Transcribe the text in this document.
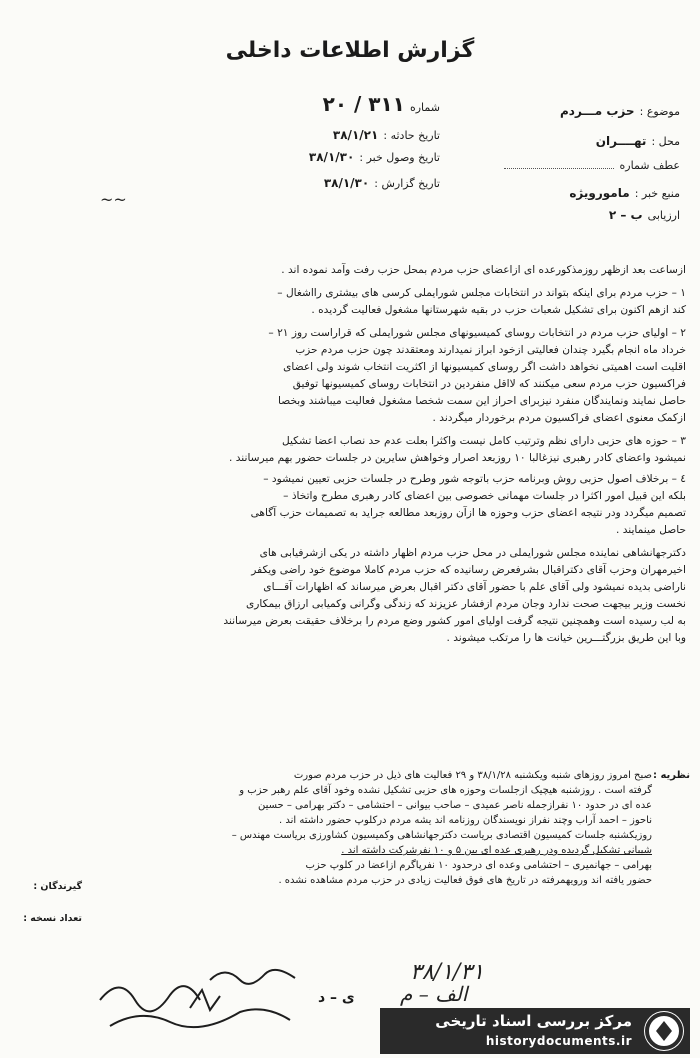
گزارش اطلاعات داخلی
موضوع : حزب مـــردم
محل : تهــــران
عطف شماره
منبع خبر : مامورویژه
ارزیابی ب – ۲
شماره ۳۱۱ / ۲۰
تاریخ حادثه : ۳۸/۱/۲۱
تاریخ وصول خبر : ۳۸/۱/۳۰
تاریخ گزارش : ۳۸/۱/۳۰
~~

ازساعت بعد ازظهر روزمذکورعده ای ازاعضای حزب مردم بمحل حزب رفت وآمد نموده اند .

۱ – حزب مردم برای اینکه بتواند در انتخابات مجلس شورایملی کرسی های بیشتری رااشغال –

کند ازهم اکنون برای تشکیل شعبات حزب در بقیه شهرستانها مشغول فعالیت گردیده .

۲ – اولیای حزب مردم در انتخابات روسای کمیسیونهای مجلس شورایملی که قراراست روز ۲۱ –

خرداد ماه انجام بگیرد چندان فعالیتی ازخود ابراز نمیدارند ومعتقدند چون حزب مردم حزب

اقلیت است اهمیتی نخواهد داشت اگر روسای کمیسیونها از اکثریت انتخاب شوند ولی اعضای

فراکسیون حزب مردم سعی میکنند که لااقل منفردین در انتخابات روسای کمیسیونها توفیق

حاصل نمایند ونمایندگان منفرد نیزبرای احراز این سمت شخصا مشغول فعالیت میباشند وبخصا

ازکمک معنوی اعضای فراکسیون مردم برخوردار میگردند .

۳ – حوزه های حزبی دارای نظم وترتیب کامل نیست واکثرا بعلت عدم حد نصاب اعضا تشکیل

نمیشود واعضای کادر رهبری نیزغالبا ۱۰ روزبعد اصرار وخواهش سایرین در جلسات حضور بهم میرسانند .

٤ – برخلاف اصول حزبی روش وبرنامه حزب باتوجه شور وطرح در جلسات حزبی تعیین نمیشود –

بلکه این قبیل امور اکثرا در جلسات مهمانی خصوصی بین اعضای کادر رهبری مطرح واتخاذ –

تصمیم میگردد ودر نتیجه اعضای حزب وحوزه ها ازآن روزبعد مطالعه جراید به تصمیمات حزب آگاهی

حاصل مینمایند .

دکترجهانشاهی نماینده مجلس شورایملی در محل حزب مردم اظهار داشته در یکی ازشرفیابی های

اخیرمهران وحزب آقای دکتراقبال بشرفعرض رسانیده که حزب مردم کاملا موضوع خود راضی ویکفر

ناراضی بدیده نمیشود ولی آقای علم با حضور آقای دکتر اقبال بعرض میرساند که اظهارات آقـــای

نخست وزیر بیجهت صحت ندارد وجان مردم ازفشار عزیزند که زندگی وگرانی وکمیابی ارزاق بیمکاری

به لب رسیده است وهمچنین نتیجه گرفت اولیای امور کشور وضع مردم را برخلاف حقیقت بعرض میرسانند

وبا این طریق بزرگتـــرین خیانت ها را مرتکب میشوند .

نظریه :

صبح امروز روزهای شنبه ویکشنبه ۳۸/۱/۲۸ و ۲۹ فعالیت های ذیل در حزب مردم صورت

گرفته است . روزشنبه هیچیک ازجلسات وحوزه های حزبی تشکیل نشده وخود آقای علم رهبر حزب و

عده ای در حدود ۱۰ نفرازجمله ناصر عمیدی – صاحب بیوانی – احتشامی – دکتر بهرامی – حسین

ناحوز – احمد آراب وچند نفراز نویسندگان روزنامه اند یشه مردم درکلوپ حضور داشته اند .

روزیکشنبه جلسات کمیسیون اقتصادی بریاست دکترجهانشاهی وکمیسیون کشاورزی بریاست مهندس –

شیبانی تشکیل گردیده ودر رهبری عده ای بین ۵ و ۱۰ نفرشرکت داشته اند .

بهرامی – جهانمیری – احتشامی وعده ای درحدود ۱۰ نفرپاگرم ازاعضا در کلوپ حزب

حضور یافته اند ورویهمرفته در تاریخ های فوق فعالیت زیادی در حزب مردم مشاهده نشده .

گیرندگان :
تعداد نسخه :
۳۸/۱/۳۱
الف – م
ی – د
مرکز بررسی اسناد تاریخی
historydocuments.ir
